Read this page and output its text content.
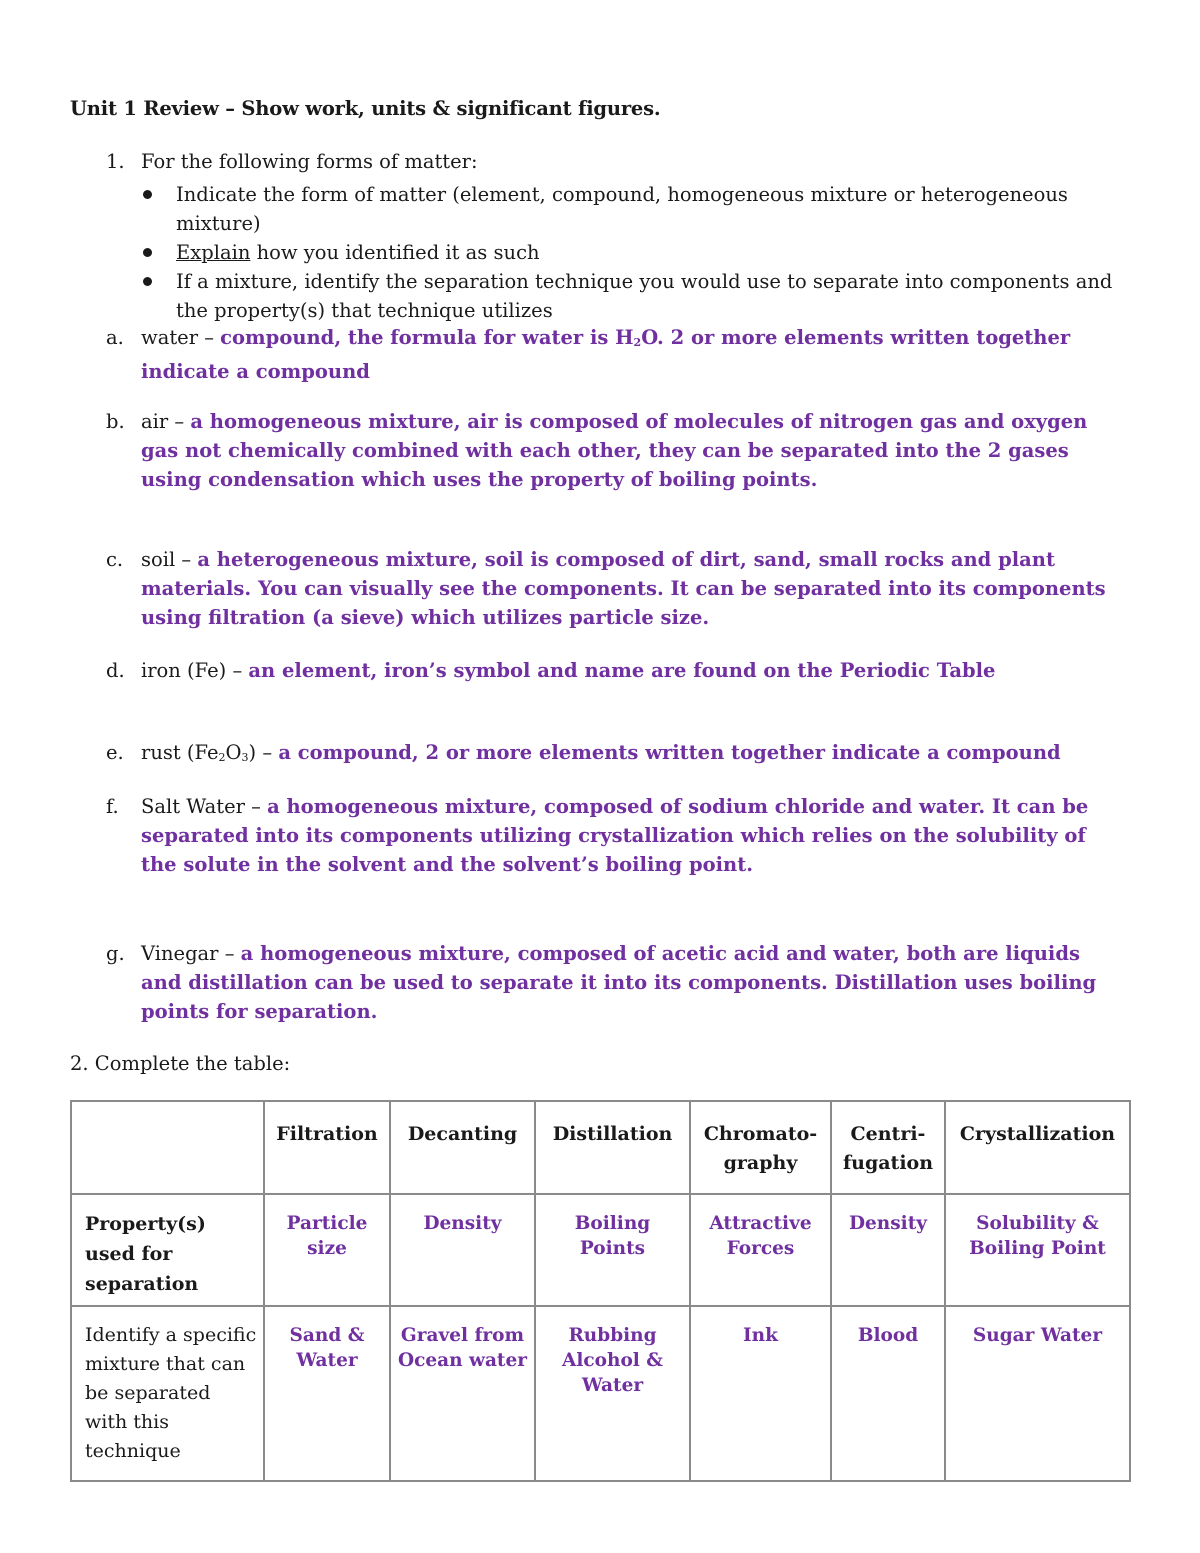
Unit 1 Review – Show work, units & significant figures.
1. For the following forms of matter:
Indicate the form of matter (element, compound, homogeneous mixture or heterogeneous mixture)
Explain how you identified it as such
If a mixture, identify the separation technique you would use to separate into components and the property(s) that technique utilizes
a. water – compound, the formula for water is $H_2O$. 2 or more elements written together indicate a compound
b. air – a homogeneous mixture, air is composed of molecules of nitrogen gas and oxygen gas not chemically combined with each other, they can be separated into the 2 gases using condensation which uses the property of boiling points.
c. soil – a heterogeneous mixture, soil is composed of dirt, sand, small rocks and plant materials. You can visually see the components. It can be separated into its components using filtration (a sieve) which utilizes particle size.
d. iron (Fe) – an element, iron’s symbol and name are found on the Periodic Table
e. rust $(Fe_2O_3)$ – a compound, 2 or more elements written together indicate a compound
f. Salt Water – a homogeneous mixture, composed of sodium chloride and water. It can be separated into its components utilizing crystallization which relies on the solubility of the solute in the solvent and the solvent’s boiling point.
g. Vinegar – a homogeneous mixture, composed of acetic acid and water, both are liquids and distillation can be used to separate it into its components. Distillation uses boiling points for separation.
2. Complete the table:
	Filtration	Decanting	Distillation	Chromato-graphy	Centri-fugation	Crystallization
Property(s) used for separation	Particle size	Density	Boiling Points	Attractive Forces	Density	Solubility & Boiling Point
Identify a specific mixture that can be separated with this technique	Sand & Water	Gravel from Ocean water	Rubbing Alcohol & Water	Ink	Blood	Sugar Water
